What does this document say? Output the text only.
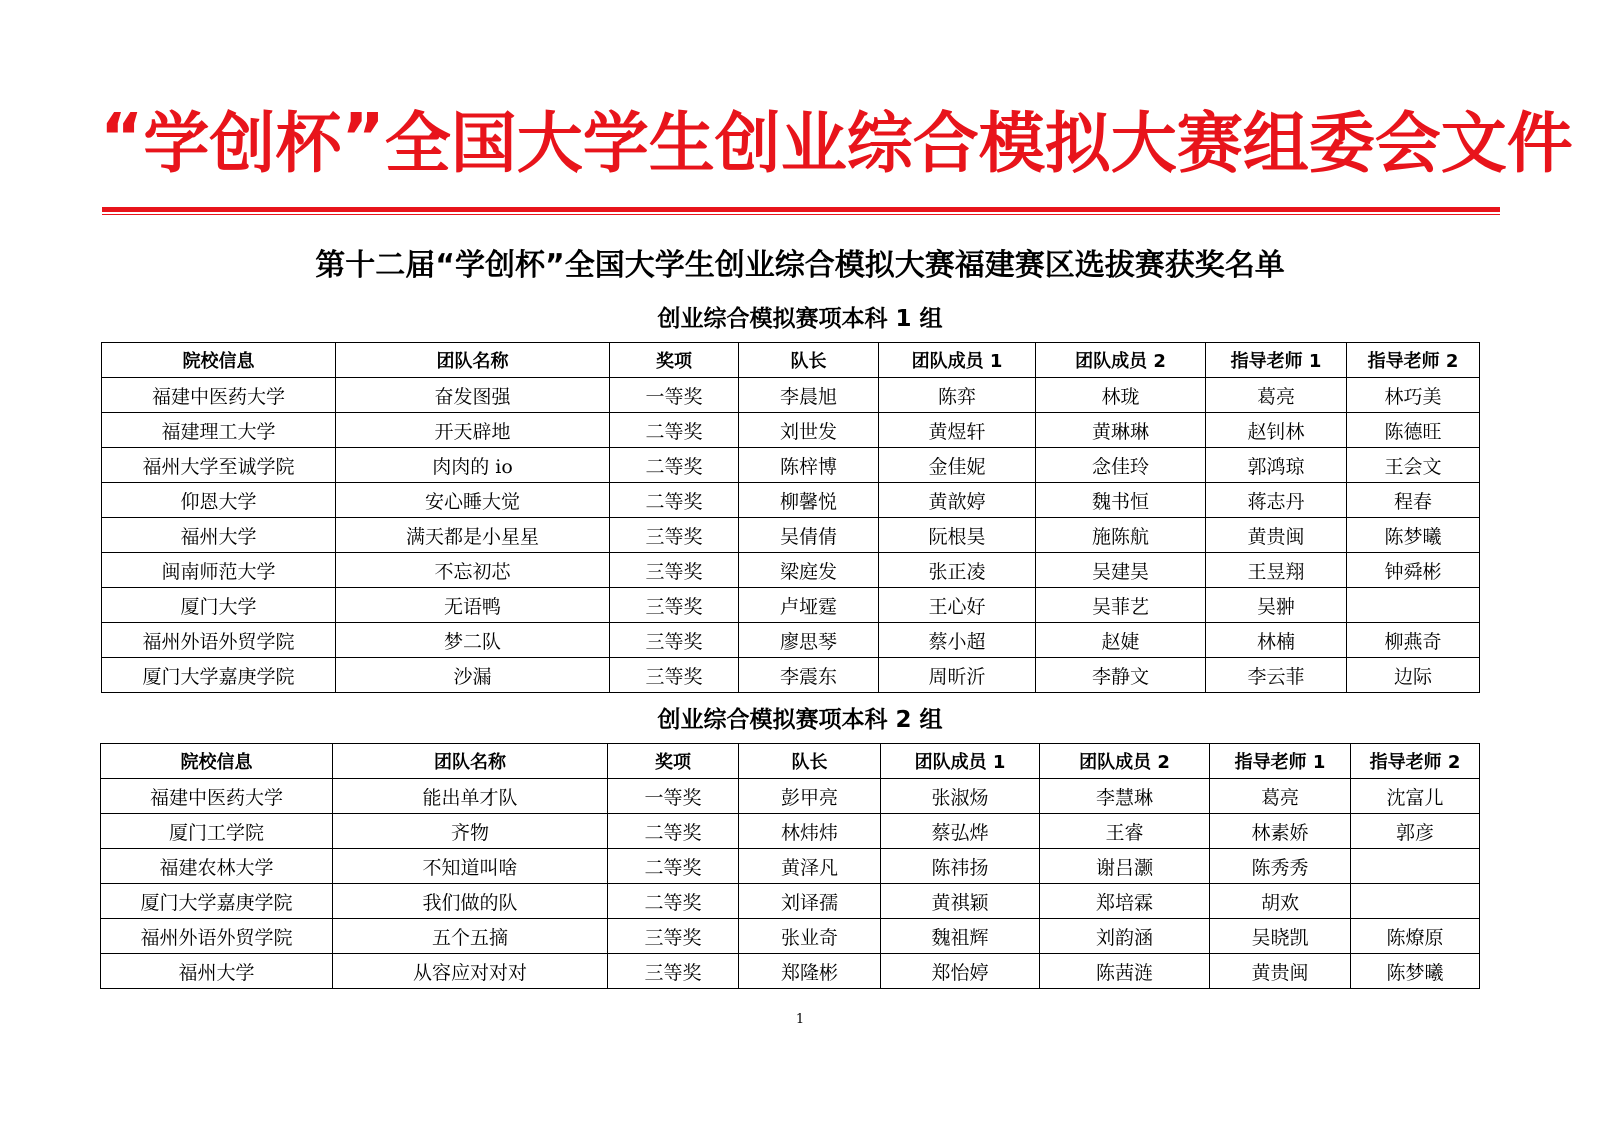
“ 学 创 杯 ” 全 国 大 学 生 创 业 综 合 模 拟 大 赛 组 委 会 文 件
第十二届“学创杯”全国大学生创业综合模拟大赛福建赛区选拔赛获奖名单
创业综合模拟赛项本科 1 组
院校信息	团队名称	奖项	队长	团队成员 1	团队成员 2	指导老师 1	指导老师 2
福建中医药大学	奋发图强	一等奖	李晨旭	陈弈	林珑	葛亮	林巧美
福建理工大学	开天辟地	二等奖	刘世发	黄煜轩	黄琳琳	赵钊林	陈德旺
福州大学至诚学院	肉肉的 io	二等奖	陈梓博	金佳妮	念佳玲	郭鸿琼	王会文
仰恩大学	安心睡大觉	二等奖	柳馨悦	黄歆婷	魏书恒	蒋志丹	程春
福州大学	满天都是小星星	三等奖	吴倩倩	阮根昊	施陈航	黄贵闽	陈梦曦
闽南师范大学	不忘初芯	三等奖	梁庭发	张正凌	吴建昊	王昱翔	钟舜彬
厦门大学	无语鸭	三等奖	卢垭霆	王心好	吴菲艺	吴翀	
福州外语外贸学院	梦二队	三等奖	廖思琴	蔡小超	赵婕	林楠	柳燕奇
厦门大学嘉庚学院	沙漏	三等奖	李震东	周昕沂	李静文	李云菲	边际
创业综合模拟赛项本科 2 组
院校信息	团队名称	奖项	队长	团队成员 1	团队成员 2	指导老师 1	指导老师 2
福建中医药大学	能出单才队	一等奖	彭甲亮	张淑炀	李慧琳	葛亮	沈富儿
厦门工学院	齐物	二等奖	林炜炜	蔡弘烨	王睿	林素娇	郭彦
福建农林大学	不知道叫啥	二等奖	黄泽凡	陈祎扬	谢吕灏	陈秀秀	
厦门大学嘉庚学院	我们做的队	二等奖	刘译孺	黄祺颖	郑培霖	胡欢	
福州外语外贸学院	五个五摘	三等奖	张业奇	魏祖辉	刘韵涵	吴晓凯	陈燎原
福州大学	从容应对对对	三等奖	郑隆彬	郑怡婷	陈茜涟	黄贵闽	陈梦曦
1
